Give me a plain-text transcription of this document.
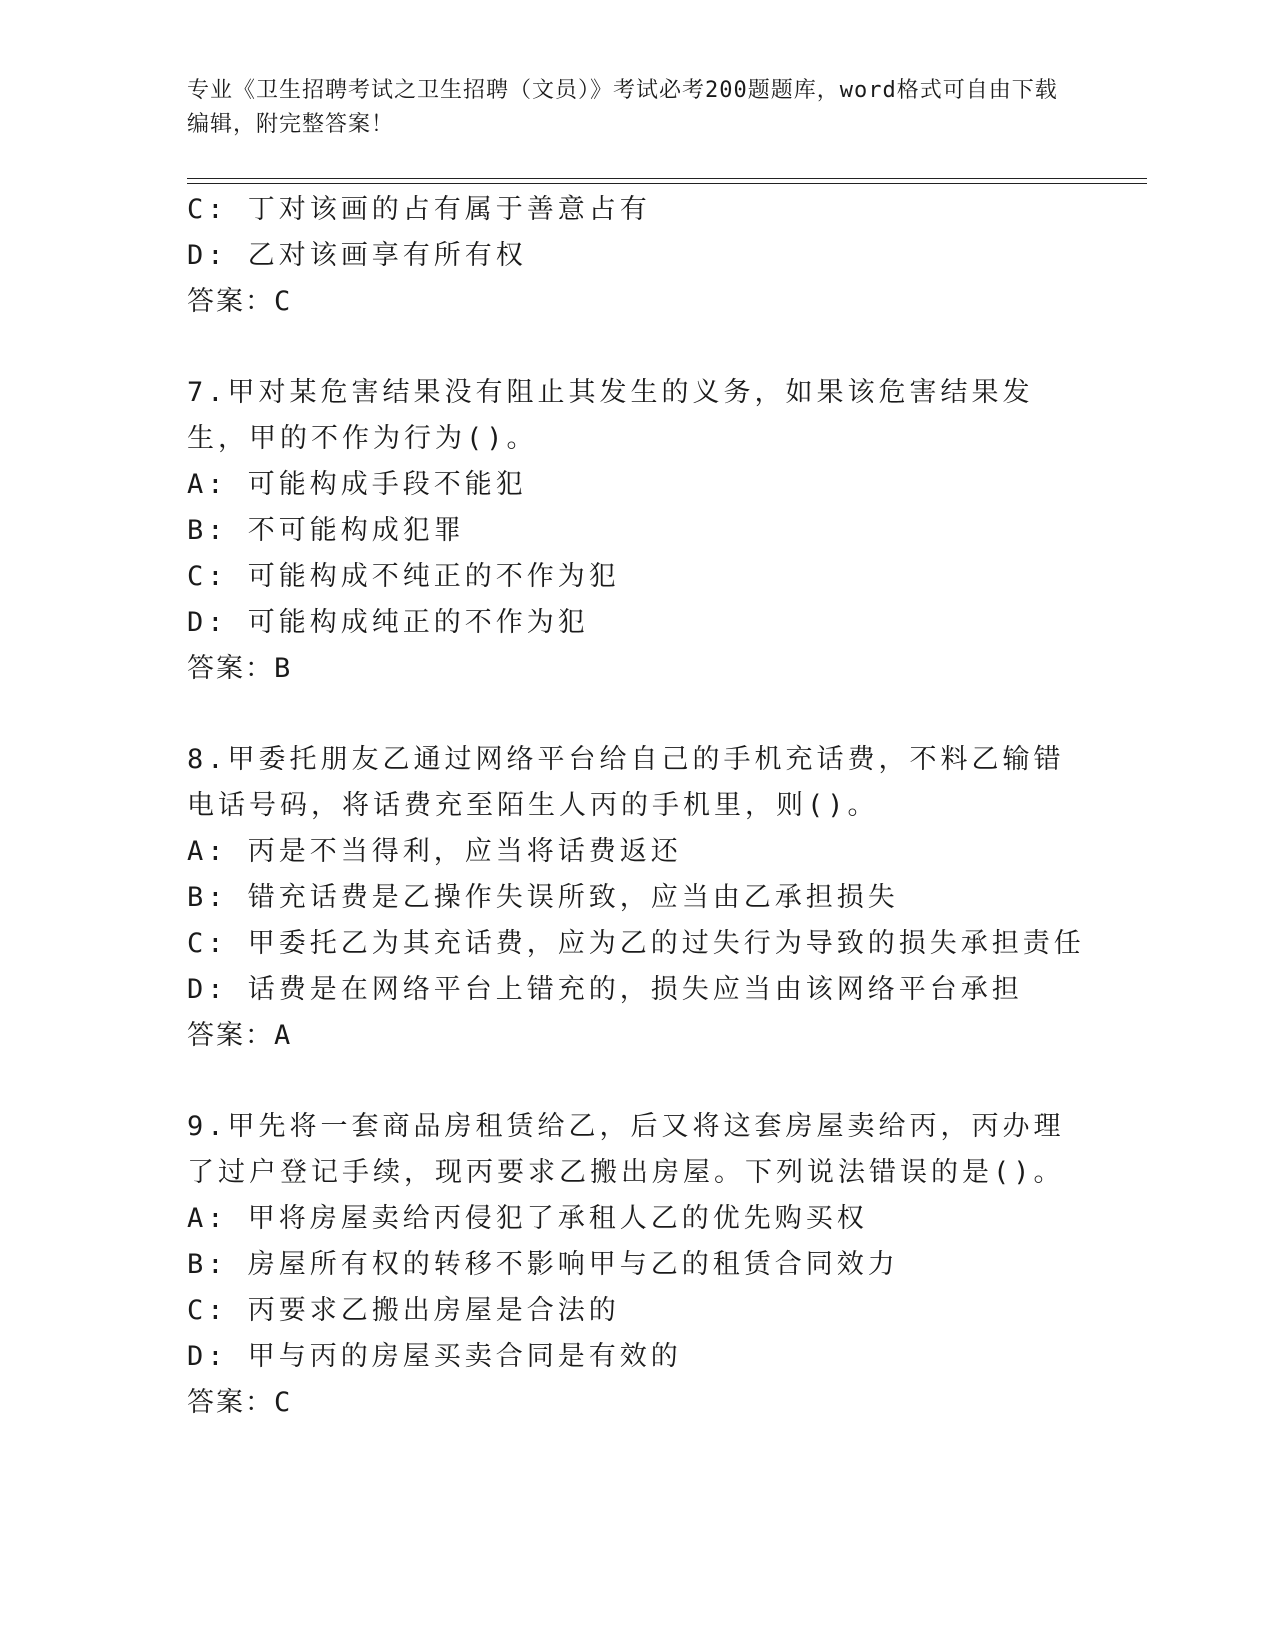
专业《卫生招聘考试之卫生招聘（文员）》考试必考200题题库，word格式可自由下载编辑，附完整答案！
C: 丁对该画的占有属于善意占有
D: 乙对该画享有所有权
答案：C
7.甲对某危害结果没有阻止其发生的义务，如果该危害结果发生，甲的不作为行为()。
A: 可能构成手段不能犯
B: 不可能构成犯罪
C: 可能构成不纯正的不作为犯
D: 可能构成纯正的不作为犯
答案：B
8.甲委托朋友乙通过网络平台给自己的手机充话费，不料乙输错电话号码，将话费充至陌生人丙的手机里，则()。
A: 丙是不当得利，应当将话费返还
B: 错充话费是乙操作失误所致，应当由乙承担损失
C: 甲委托乙为其充话费，应为乙的过失行为导致的损失承担责任
D: 话费是在网络平台上错充的，损失应当由该网络平台承担
答案：A
9.甲先将一套商品房租赁给乙，后又将这套房屋卖给丙，丙办理了过户登记手续，现丙要求乙搬出房屋。下列说法错误的是()。
A: 甲将房屋卖给丙侵犯了承租人乙的优先购买权
B: 房屋所有权的转移不影响甲与乙的租赁合同效力
C: 丙要求乙搬出房屋是合法的
D: 甲与丙的房屋买卖合同是有效的
答案：C
